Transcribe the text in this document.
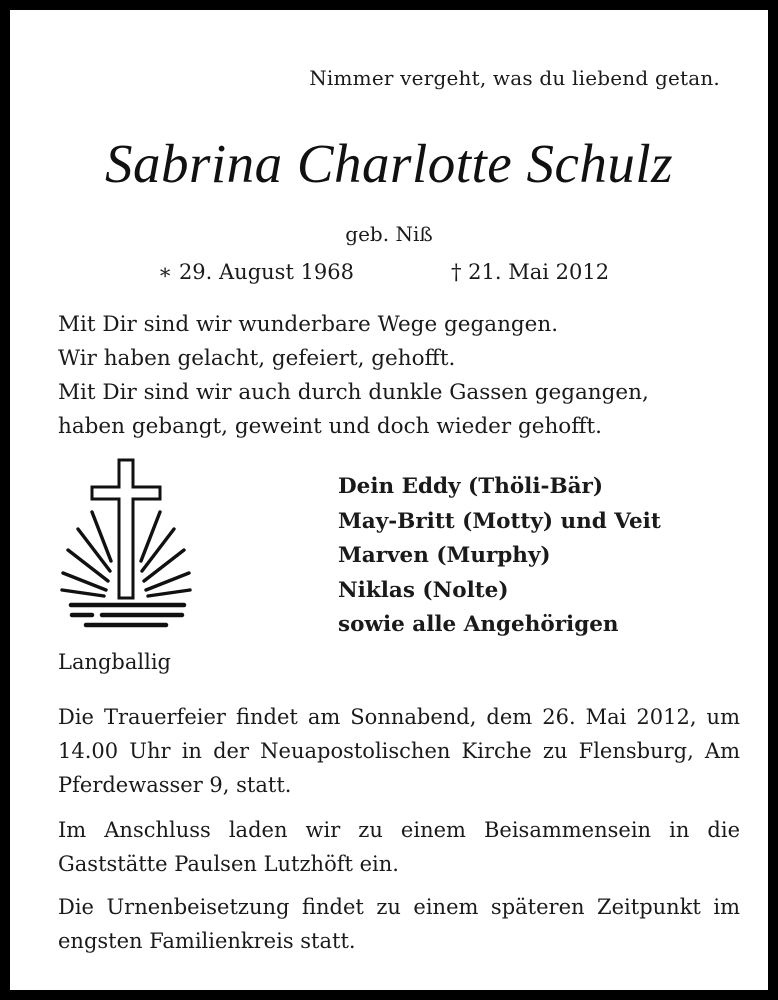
Nimmer vergeht, was du liebend getan.
Sabrina Charlotte Schulz
geb. Niß
∗ 29. August 1968	† 21. Mai 2012
Mit Dir sind wir wunderbare Wege gegangen.
Wir haben gelacht, gefeiert, gehofft.
Mit Dir sind wir auch durch dunkle Gassen gegangen,
haben gebangt, geweint und doch wieder gehofft.
Dein Eddy (Thöli-Bär)
May-Britt (Motty) und Veit
Marven (Murphy)
Niklas (Nolte)
sowie alle Angehörigen
Langballig
Die Trauerfeier findet am Sonnabend, dem 26. Mai 2012, um 14.00 Uhr in der Neuapostolischen Kirche zu Flensburg, Am Pferdewasser 9, statt.
Im Anschluss laden wir zu einem Beisammensein in die Gaststätte Paulsen Lutzhöft ein.
Die Urnenbeisetzung findet zu einem späteren Zeitpunkt im engsten Familienkreis statt.
